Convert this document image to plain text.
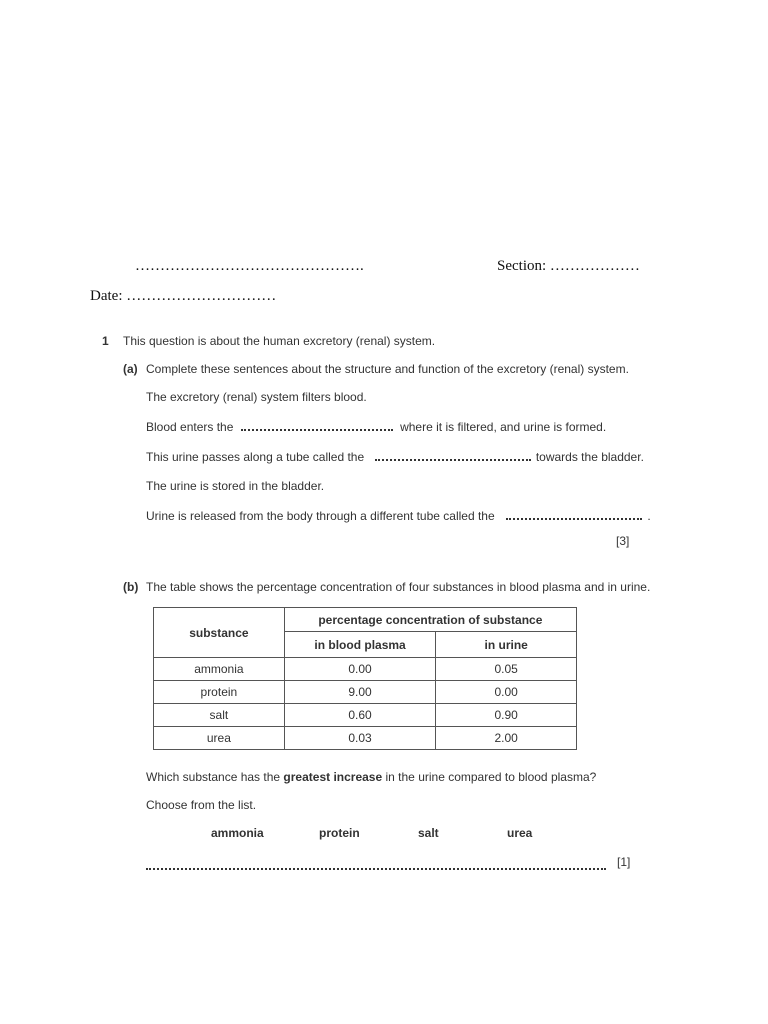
……………………………………….	Section: ………………
Date: …………………………
1 This question is about the human excretory (renal) system.
(a) Complete these sentences about the structure and function of the excretory (renal) system.
The excretory (renal) system filters blood.
Blood enters the	where it is filtered, and urine is formed.
This urine passes along a tube called the	towards the bladder.
The urine is stored in the bladder.
Urine is released from the body through a different tube called the	.
[3]
(b) The table shows the percentage concentration of four substances in blood plasma and in urine.
substance	percentage concentration of substance	
	in blood plasma	in urine
ammonia	0.00	0.05
protein	9.00	0.00
salt	0.60	0.90
urea	0.03	2.00
Which substance has the greatest increase in the urine compared to blood plasma?
Choose from the list.
ammonia	protein	salt	urea
[1]
